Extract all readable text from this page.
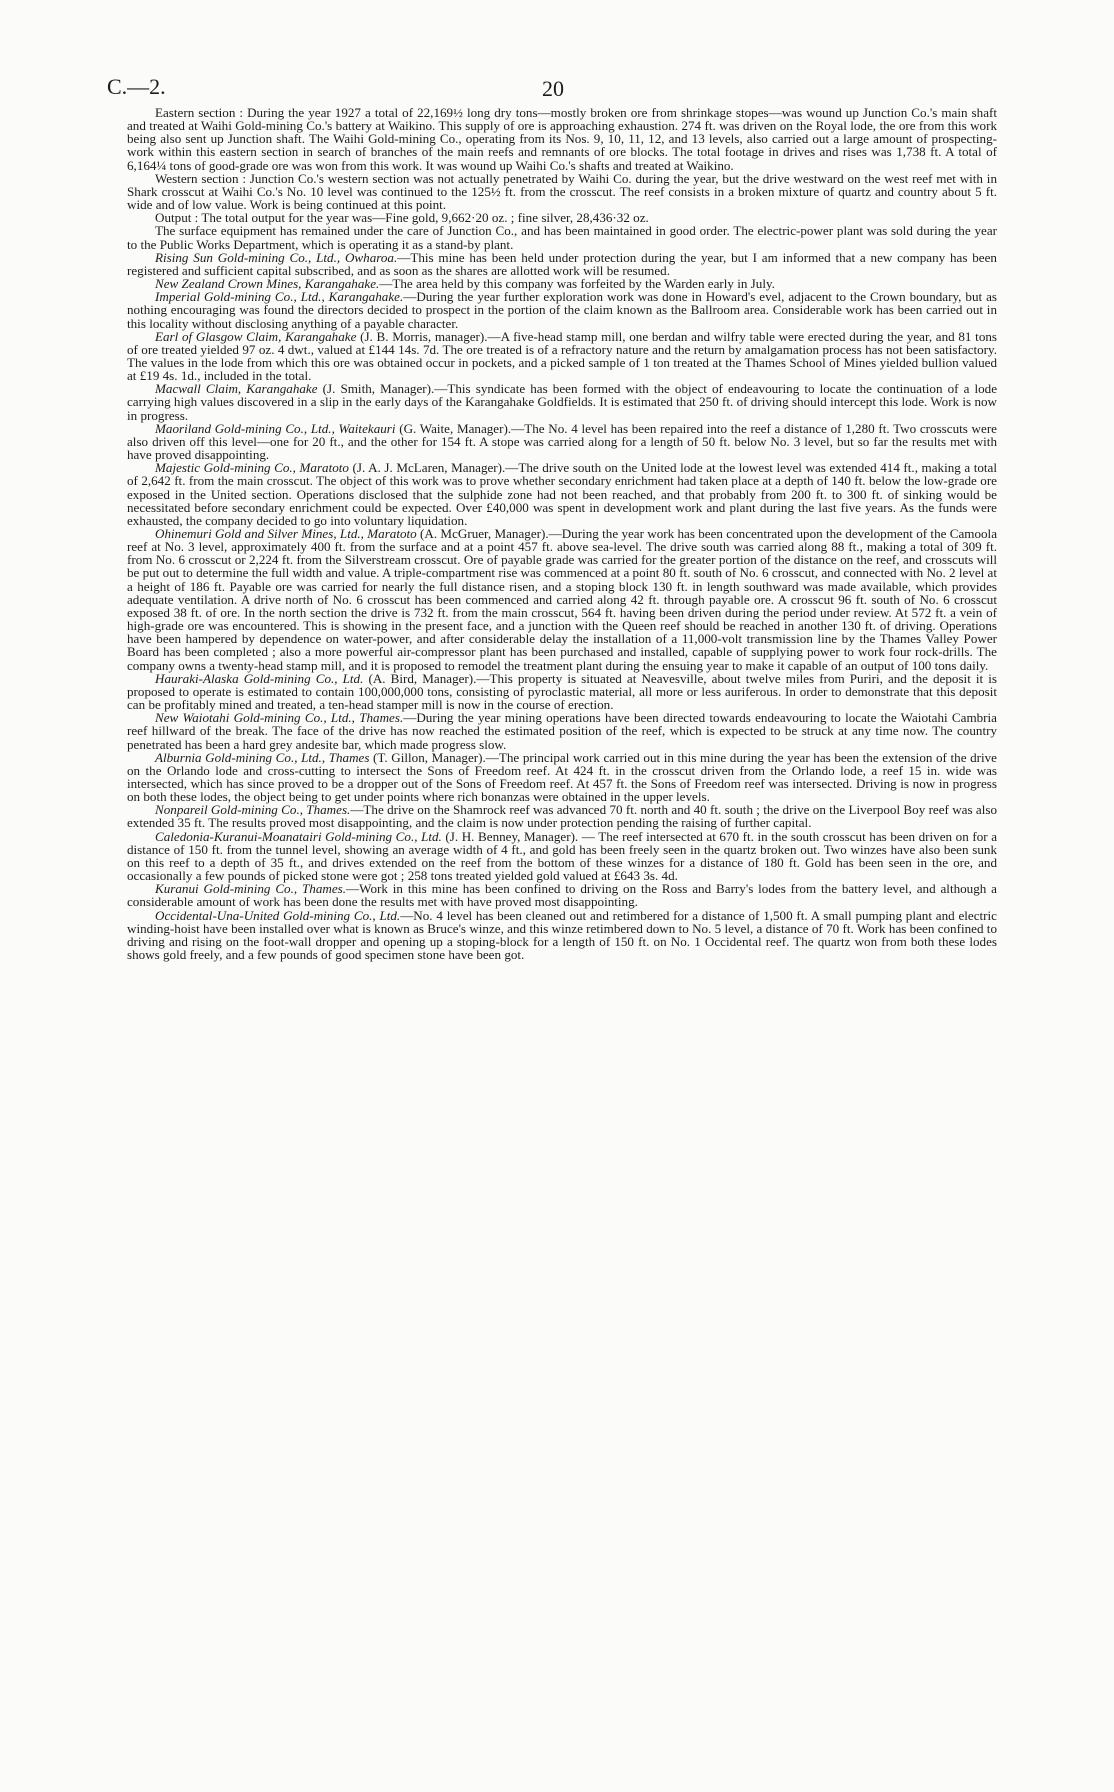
C.—2.	20

Eastern section : During the year 1927 a total of 22,169½ long dry tons—mostly broken ore from shrinkage stopes—was wound up Junction Co.'s main shaft and treated at Waihi Gold-mining Co.'s battery at Waikino. This supply of ore is approaching exhaustion. 274 ft. was driven on the Royal lode, the ore from this work being also sent up Junction shaft. The Waihi Gold-mining Co., operating from its Nos. 9, 10, 11, 12, and 13 levels, also carried out a large amount of prospecting-work within this eastern section in search of branches of the main reefs and remnants of ore blocks. The total footage in drives and rises was 1,738 ft. A total of 6,164¼ tons of good-grade ore was won from this work. It was wound up Waihi Co.'s shafts and treated at Waikino.

Western section : Junction Co.'s western section was not actually penetrated by Waihi Co. during the year, but the drive westward on the west reef met with in Shark crosscut at Waihi Co.'s No. 10 level was continued to the 125½ ft. from the crosscut. The reef consists in a broken mixture of quartz and country about 5 ft. wide and of low value. Work is being continued at this point.

Output : The total output for the year was—Fine gold, 9,662·20 oz. ; fine silver, 28,436·32 oz.

The surface equipment has remained under the care of Junction Co., and has been maintained in good order. The electric-power plant was sold during the year to the Public Works Department, which is operating it as a stand-by plant.

Rising Sun Gold-mining Co., Ltd., Owharoa.—This mine has been held under protection during the year, but I am informed that a new company has been registered and sufficient capital subscribed, and as soon as the shares are allotted work will be resumed.

New Zealand Crown Mines, Karangahake.—The area held by this company was forfeited by the Warden early in July.

Imperial Gold-mining Co., Ltd., Karangahake.—During the year further exploration work was done in Howard's evel, adjacent to the Crown boundary, but as nothing encouraging was found the directors decided to prospect in the portion of the claim known as the Ballroom area. Considerable work has been carried out in this locality without disclosing anything of a payable character.

Earl of Glasgow Claim, Karangahake (J. B. Morris, manager).—A five-head stamp mill, one berdan and wilfry table were erected during the year, and 81 tons of ore treated yielded 97 oz. 4 dwt., valued at £144 14s. 7d. The ore treated is of a refractory nature and the return by amalgamation process has not been satisfactory. The values in the lode from which this ore was obtained occur in pockets, and a picked sample of 1 ton treated at the Thames School of Mines yielded bullion valued at £19 4s. 1d., included in the total.

Macwall Claim, Karangahake (J. Smith, Manager).—This syndicate has been formed with the object of endeavouring to locate the continuation of a lode carrying high values discovered in a slip in the early days of the Karangahake Goldfields. It is estimated that 250 ft. of driving should intercept this lode. Work is now in progress.

Maoriland Gold-mining Co., Ltd., Waitekauri (G. Waite, Manager).—The No. 4 level has been repaired into the reef a distance of 1,280 ft. Two crosscuts were also driven off this level—one for 20 ft., and the other for 154 ft. A stope was carried along for a length of 50 ft. below No. 3 level, but so far the results met with have proved disappointing.

Majestic Gold-mining Co., Maratoto (J. A. J. McLaren, Manager).—The drive south on the United lode at the lowest level was extended 414 ft., making a total of 2,642 ft. from the main crosscut. The object of this work was to prove whether secondary enrichment had taken place at a depth of 140 ft. below the low-grade ore exposed in the United section. Operations disclosed that the sulphide zone had not been reached, and that probably from 200 ft. to 300 ft. of sinking would be necessitated before secondary enrichment could be expected. Over £40,000 was spent in development work and plant during the last five years. As the funds were exhausted, the company decided to go into voluntary liquidation.

Ohinemuri Gold and Silver Mines, Ltd., Maratoto (A. McGruer, Manager).—During the year work has been concentrated upon the development of the Camoola reef at No. 3 level, approximately 400 ft. from the surface and at a point 457 ft. above sea-level. The drive south was carried along 88 ft., making a total of 309 ft. from No. 6 crosscut or 2,224 ft. from the Silverstream crosscut. Ore of payable grade was carried for the greater portion of the distance on the reef, and crosscuts will be put out to determine the full width and value. A triple-compartment rise was commenced at a point 80 ft. south of No. 6 crosscut, and connected with No. 2 level at a height of 186 ft. Payable ore was carried for nearly the full distance risen, and a stoping block 130 ft. in length southward was made available, which provides adequate ventilation. A drive north of No. 6 crosscut has been commenced and carried along 42 ft. through payable ore. A crosscut 96 ft. south of No. 6 crosscut exposed 38 ft. of ore. In the north section the drive is 732 ft. from the main crosscut, 564 ft. having been driven during the period under review. At 572 ft. a vein of high-grade ore was encountered. This is showing in the present face, and a junction with the Queen reef should be reached in another 130 ft. of driving. Operations have been hampered by dependence on water-power, and after considerable delay the installation of a 11,000-volt transmission line by the Thames Valley Power Board has been completed ; also a more powerful air-compressor plant has been purchased and installed, capable of supplying power to work four rock-drills. The company owns a twenty-head stamp mill, and it is proposed to remodel the treatment plant during the ensuing year to make it capable of an output of 100 tons daily.

Hauraki-Alaska Gold-mining Co., Ltd. (A. Bird, Manager).—This property is situated at Neavesville, about twelve miles from Puriri, and the deposit it is proposed to operate is estimated to contain 100,000,000 tons, consisting of pyroclastic material, all more or less auriferous. In order to demonstrate that this deposit can be profitably mined and treated, a ten-head stamper mill is now in the course of erection.

New Waiotahi Gold-mining Co., Ltd., Thames.—During the year mining operations have been directed towards endeavouring to locate the Waiotahi Cambria reef hillward of the break. The face of the drive has now reached the estimated position of the reef, which is expected to be struck at any time now. The country penetrated has been a hard grey andesite bar, which made progress slow.

Alburnia Gold-mining Co., Ltd., Thames (T. Gillon, Manager).—The principal work carried out in this mine during the year has been the extension of the drive on the Orlando lode and cross-cutting to intersect the Sons of Freedom reef. At 424 ft. in the crosscut driven from the Orlando lode, a reef 15 in. wide was intersected, which has since proved to be a dropper out of the Sons of Freedom reef. At 457 ft. the Sons of Freedom reef was intersected. Driving is now in progress on both these lodes, the object being to get under points where rich bonanzas were obtained in the upper levels.

Nonpareil Gold-mining Co., Thames.—The drive on the Shamrock reef was advanced 70 ft. north and 40 ft. south ; the drive on the Liverpool Boy reef was also extended 35 ft. The results proved most disappointing, and the claim is now under protection pending the raising of further capital.

Caledonia-Kuranui-Moanatairi Gold-mining Co., Ltd. (J. H. Benney, Manager). — The reef intersected at 670 ft. in the south crosscut has been driven on for a distance of 150 ft. from the tunnel level, showing an average width of 4 ft., and gold has been freely seen in the quartz broken out. Two winzes have also been sunk on this reef to a depth of 35 ft., and drives extended on the reef from the bottom of these winzes for a distance of 180 ft. Gold has been seen in the ore, and occasionally a few pounds of picked stone were got ; 258 tons treated yielded gold valued at £643 3s. 4d.

Kuranui Gold-mining Co., Thames.—Work in this mine has been confined to driving on the Ross and Barry's lodes from the battery level, and although a considerable amount of work has been done the results met with have proved most disappointing.

Occidental-Una-United Gold-mining Co., Ltd.—No. 4 level has been cleaned out and retimbered for a distance of 1,500 ft. A small pumping plant and electric winding-hoist have been installed over what is known as Bruce's winze, and this winze retimbered down to No. 5 level, a distance of 70 ft. Work has been confined to driving and rising on the foot-wall dropper and opening up a stoping-block for a length of 150 ft. on No. 1 Occidental reef. The quartz won from both these lodes shows gold freely, and a few pounds of good specimen stone have been got.
